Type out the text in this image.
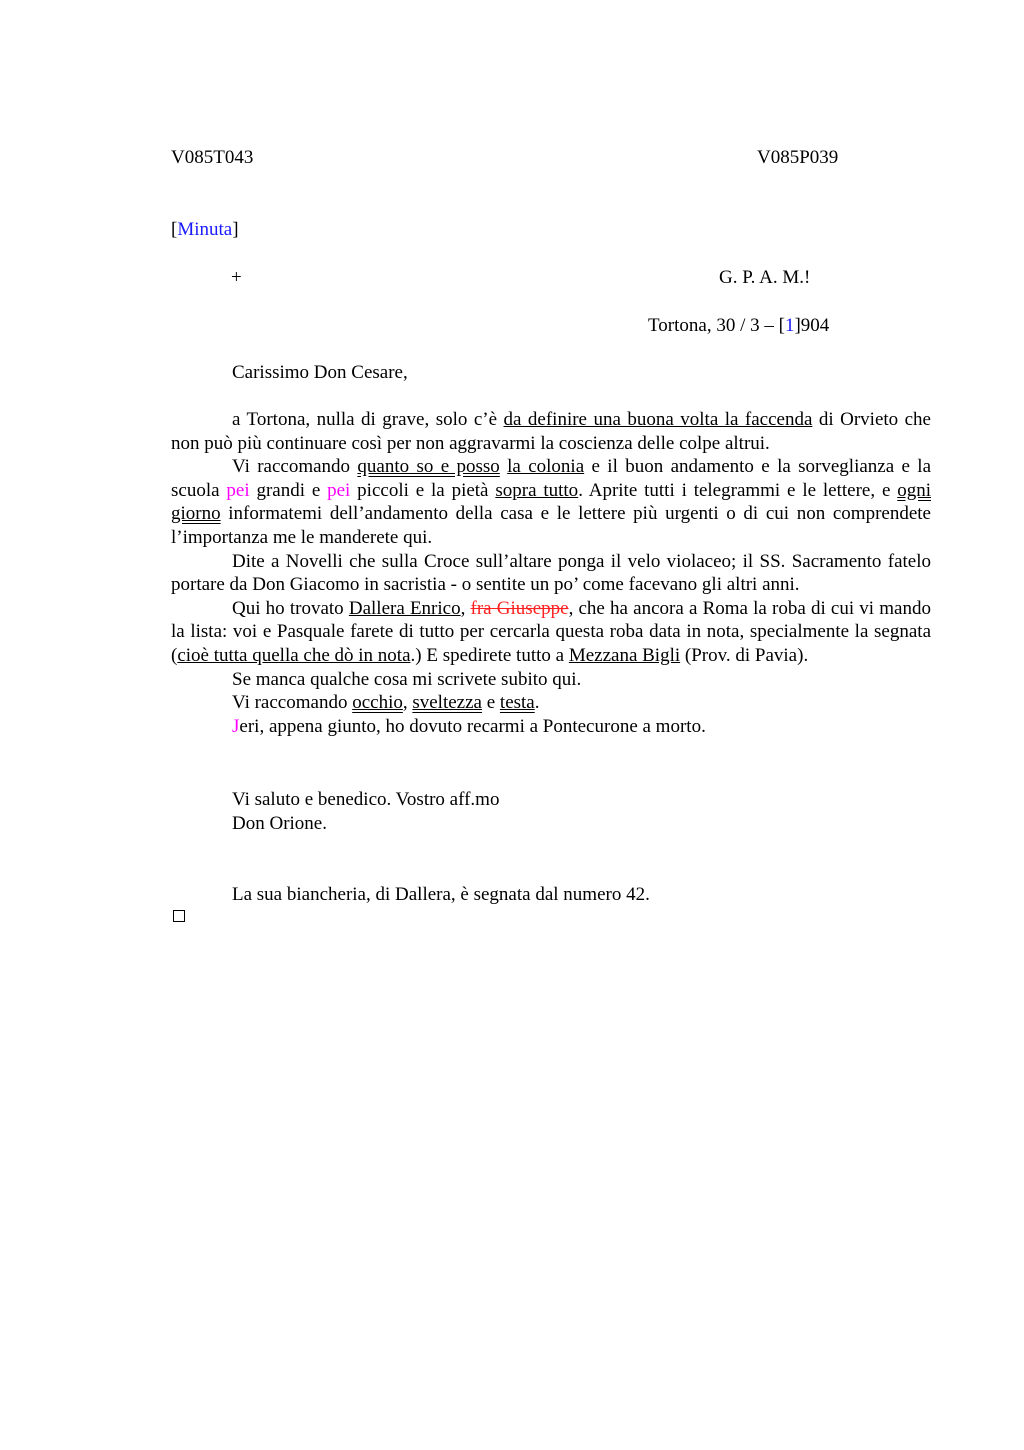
V085T043	V085P039
[Minuta]
+	G. P. A. M.!
Tortona, 30 / 3 – [1]904
Carissimo Don Cesare,

a Tortona, nulla di grave, solo c’è da definire una buona volta la faccenda di Orvieto che non può più continuare così per non aggravarmi la coscienza delle colpe altrui.

Vi raccomando quanto so e posso la colonia e il buon andamento e la sorveglianza e la scuola pei grandi e pei piccoli e la pietà sopra tutto. Aprite tutti i telegrammi e le lettere, e ogni giorno informatemi dell’andamento della casa e le lettere più urgenti o di cui non comprendete l’importanza me le manderete qui.

Dite a Novelli che sulla Croce sull’altare ponga il velo violaceo; il SS. Sacramento fatelo portare da Don Giacomo in sacristia - o sentite un po’ come facevano gli altri anni.

Qui ho trovato Dallera Enrico, fra Giuseppe, che ha ancora a Roma la roba di cui vi mando la lista: voi e Pasquale farete di tutto per cercarla questa roba data in nota, specialmente la segnata (cioè tutta quella che dò in nota.) E spedirete tutto a Mezzana Bigli (Prov. di Pavia).

Se manca qualche cosa mi scrivete subito qui.

Vi raccomando occhio, sveltezza e testa.

Jeri, appena giunto, ho dovuto recarmi a Pontecurone a morto.

Vi saluto e benedico. Vostro aff.mo
Don Orione.
La sua biancheria, di Dallera, è segnata dal numero 42.
